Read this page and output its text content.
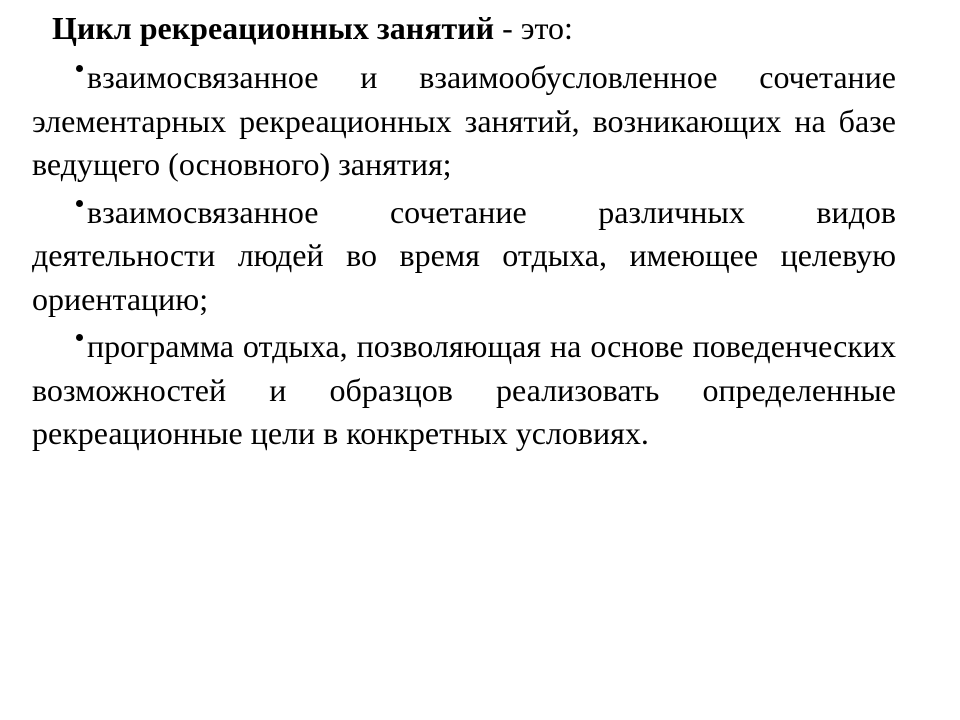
Цикл рекреационных занятий - это:
взаимосвязанное и взаимообусловленное сочетание элементарных рекреационных занятий, возникающих на базе ведущего (основного) занятия;
взаимосвязанное сочетание различных видов деятельности людей во время отдыха, имеющее целевую ориентацию;
программа отдыха, позволяющая на основе поведенческих возможностей и образцов реализовать определенные рекреационные цели в конкретных условиях.
